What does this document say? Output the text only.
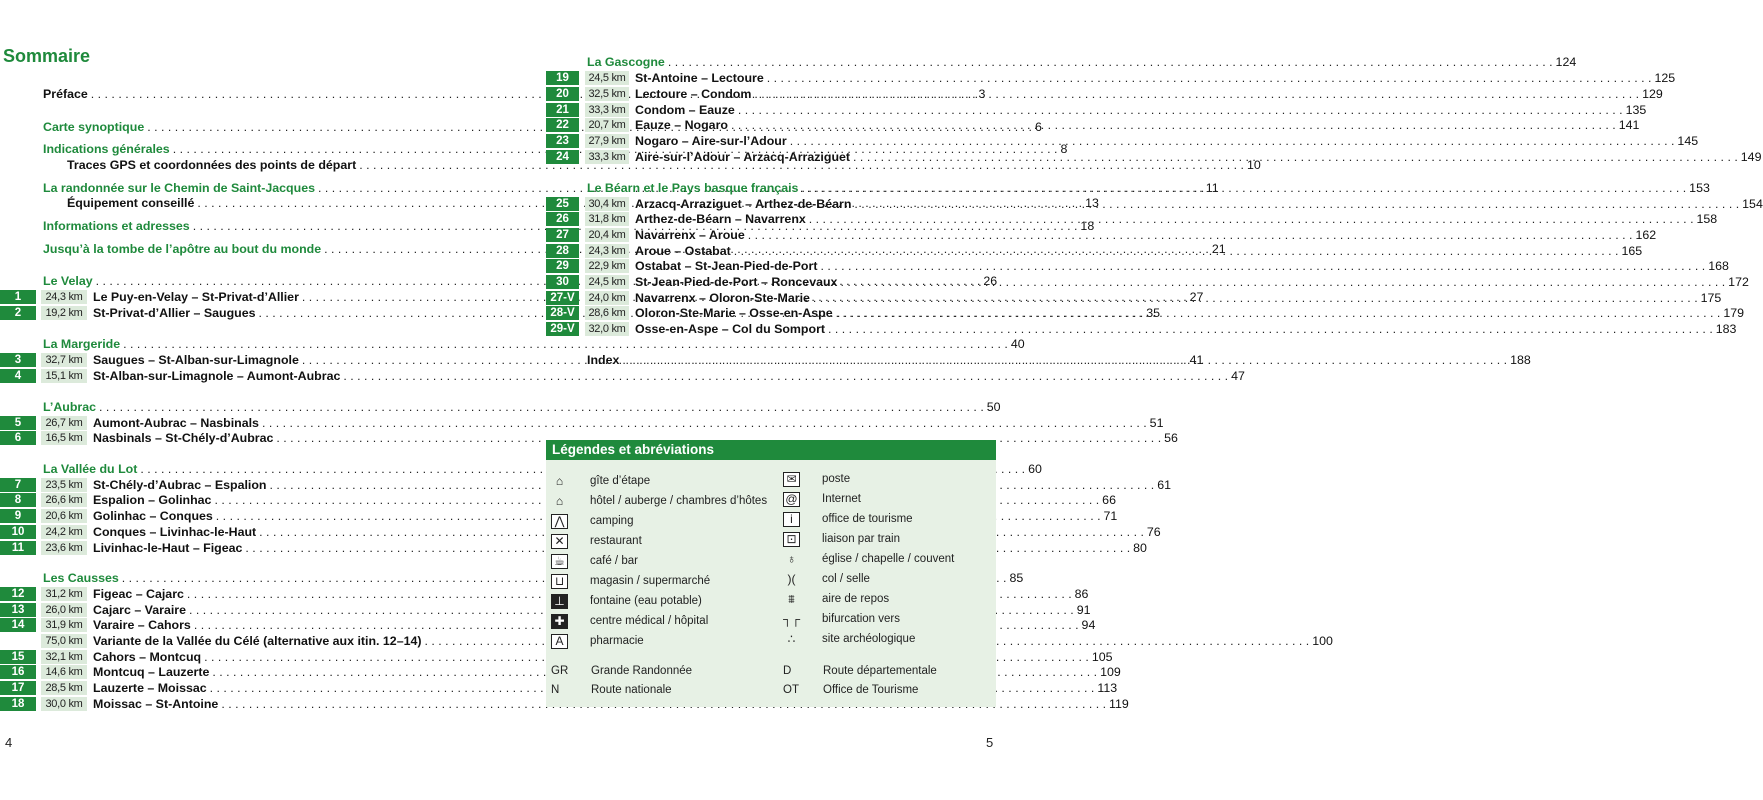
Sommaire
Préface . . .	3
Carte synoptique . . .	6
Indications générales . . .	8
Traces GPS et coordonnées des points de départ . . .	10
La randonnée sur le Chemin de Saint-Jacques . . .	11
Équipement conseillé . . .	13
Informations et adresses . . .	18
Jusqu’à la tombe de l’apôtre au bout du monde . . .	21
Le Velay . . .	26
1	24,3 km Le Puy-en-Velay – St-Privat-d’Allier . . .	27
2	19,2 km St-Privat-d’Allier – Saugues . . .	35
La Margeride . . .	40
3	32,7 km Saugues – St-Alban-sur-Limagnole . . .	41
4	15,1 km St-Alban-sur-Limagnole – Aumont-Aubrac . . .	47
L’Aubrac . . .	50
5	26,7 km Aumont-Aubrac – Nasbinals . . .	51
6	16,5 km Nasbinals – St-Chély-d’Aubrac . . .	56
La Vallée du Lot . . .	60
7	23,5 km St-Chély-d’Aubrac – Espalion . . .	61
8	26,6 km Espalion – Golinhac . . .	66
9	20,6 km Golinhac – Conques . . .	71
10	24,2 km Conques – Livinhac-le-Haut . . .	76
11	23,6 km Livinhac-le-Haut – Figeac . . .	80
Les Causses . . .	85
12	31,2 km Figeac – Cajarc . . .	86
13	26,0 km Cajarc – Varaire . . .	91
14	31,9 km Varaire – Cahors . . .	94
75,0 km Variante de la Vallée du Célé (alternative aux itin. 12–14) . . .	100
15	32,1 km Cahors – Montcuq . . .	105
16	14,6 km Montcuq – Lauzerte . . .	109
17	28,5 km Lauzerte – Moissac . . .	113
18	30,0 km Moissac – St-Antoine . . .	119
La Gascogne . . .	124
19	24,5 km St-Antoine – Lectoure . . .	125
20	32,5 km Lectoure – Condom . . .	129
21	33,3 km Condom – Eauze . . .	135
22	20,7 km Eauze – Nogaro . . .	141
23	27,9 km Nogaro – Aire-sur-l’Adour . . .	145
24	33,3 km Aire-sur-l’Adour – Arzacq-Arraziguet . . .	149
Le Béarn et le Pays basque français . . .	153
25	30,4 km Arzacq-Arraziguet – Arthez-de-Béarn . . .	154
26	31,8 km Arthez-de-Béarn – Navarrenx . . .	158
27	20,4 km Navarrenx – Aroue . . .	162
28	24,3 km Aroue – Ostabat . . .	165
29	22,9 km Ostabat – St-Jean-Pied-de-Port . . .	168
30	24,5 km St-Jean-Pied-de-Port – Roncevaux . . .	172
27-V	24,0 km Navarrenx – Oloron-Ste-Marie . . .	175
28-V	28,6 km Oloron-Ste-Marie – Osse-en-Aspe . . .	179
29-V	32,0 km Osse-en-Aspe – Col du Somport . . .	183
Index . . .	188
Légendes et abréviations
⌂	gîte d’étape
⌂	hôtel / auberge / chambres d’hôtes
⋀	camping
✕	restaurant
☕ café / bar
⊔	magasin / supermarché
⊥ fontaine (eau potable)
✚	centre médical / hôpital
A	pharmacie
✉	poste
@ Internet
i	office de tourisme
⊡	liaison par train
♁	église / chapelle / couvent
)(	col / selle
⩩	aire de repos
┐┌ bifurcation vers
∴	site archéologique
GR	Grande Randonnée	D	Route départementale
N	Route nationale	OT	Office de Tourisme
4	5
